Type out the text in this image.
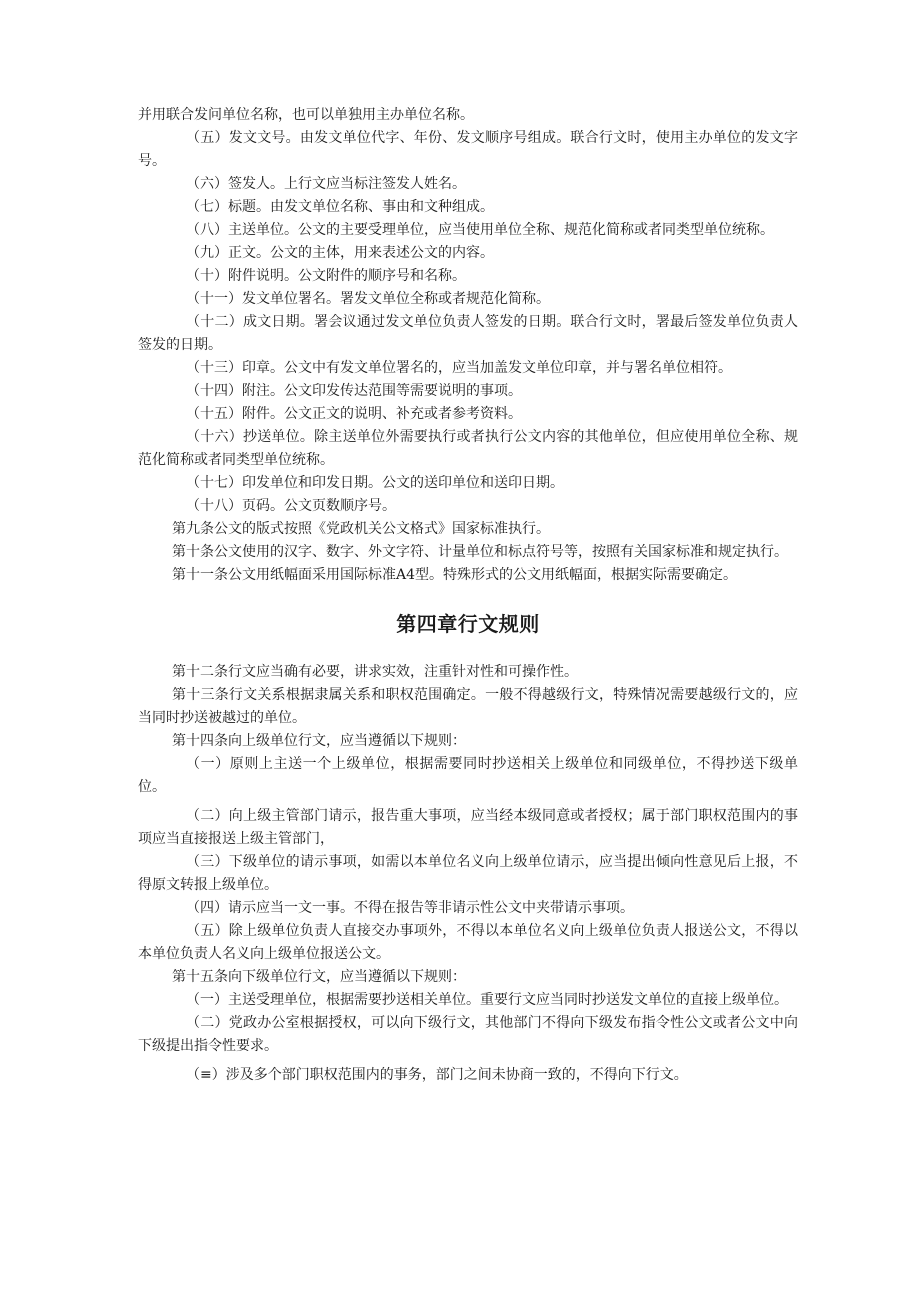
并用联合发问单位名称，也可以单独用主办单位名称。

（五）发文文号。由发文单位代字、年份、发文顺序号组成。联合行文时，使用主办单位的发文字号。

（六）签发人。上行文应当标注签发人姓名。

（七）标题。由发文单位名称、事由和文种组成。

（八）主送单位。公文的主要受理单位，应当使用单位全称、规范化简称或者同类型单位统称。

（九）正文。公文的主体，用来表述公文的内容。

（十）附件说明。公文附件的顺序号和名称。

（十一）发文单位署名。署发文单位全称或者规范化简称。

（十二）成文日期。署会议通过发文单位负责人签发的日期。联合行文时，署最后签发单位负责人签发的日期。

（十三）印章。公文中有发文单位署名的，应当加盖发文单位印章，并与署名单位相符。

（十四）附注。公文印发传达范围等需要说明的事项。

（十五）附件。公文正文的说明、补充或者参考资料。

（十六）抄送单位。除主送单位外需要执行或者执行公文内容的其他单位，但应使用单位全称、规范化简称或者同类型单位统称。

（十七）印发单位和印发日期。公文的送印单位和送印日期。

（十八）页码。公文页数顺序号。

第九条公文的版式按照《党政机关公文格式》国家标准执行。

第十条公文使用的汉字、数字、外文字符、计量单位和标点符号等，按照有关国家标准和规定执行。

第十一条公文用纸幅面采用国际标准A4型。特殊形式的公文用纸幅面，根据实际需要确定。

第四章行文规则

第十二条行文应当确有必要，讲求实效，注重针对性和可操作性。

第十三条行文关系根据隶属关系和职权范围确定。一般不得越级行文，特殊情况需要越级行文的，应当同时抄送被越过的单位。

第十四条向上级单位行文，应当遵循以下规则：

（一）原则上主送一个上级单位，根据需要同时抄送相关上级单位和同级单位，不得抄送下级单位。

（二）向上级主管部门请示，报告重大事项，应当经本级同意或者授权；属于部门职权范围内的事项应当直接报送上级主管部门，

（三）下级单位的请示事项，如需以本单位名义向上级单位请示，应当提出倾向性意见后上报，不得原文转报上级单位。

（四）请示应当一文一事。不得在报告等非请示性公文中夹带请示事项。

（五）除上级单位负责人直接交办事项外，不得以本单位名义向上级单位负责人报送公文，不得以本单位负责人名义向上级单位报送公文。

第十五条向下级单位行文，应当遵循以下规则：

（一）主送受理单位，根据需要抄送相关单位。重要行文应当同时抄送发文单位的直接上级单位。

（二）党政办公室根据授权，可以向下级行文，其他部门不得向下级发布指令性公文或者公文中向下级提出指令性要求。

（≡）涉及多个部门职权范围内的事务，部门之间未协商一致的，不得向下行文。
